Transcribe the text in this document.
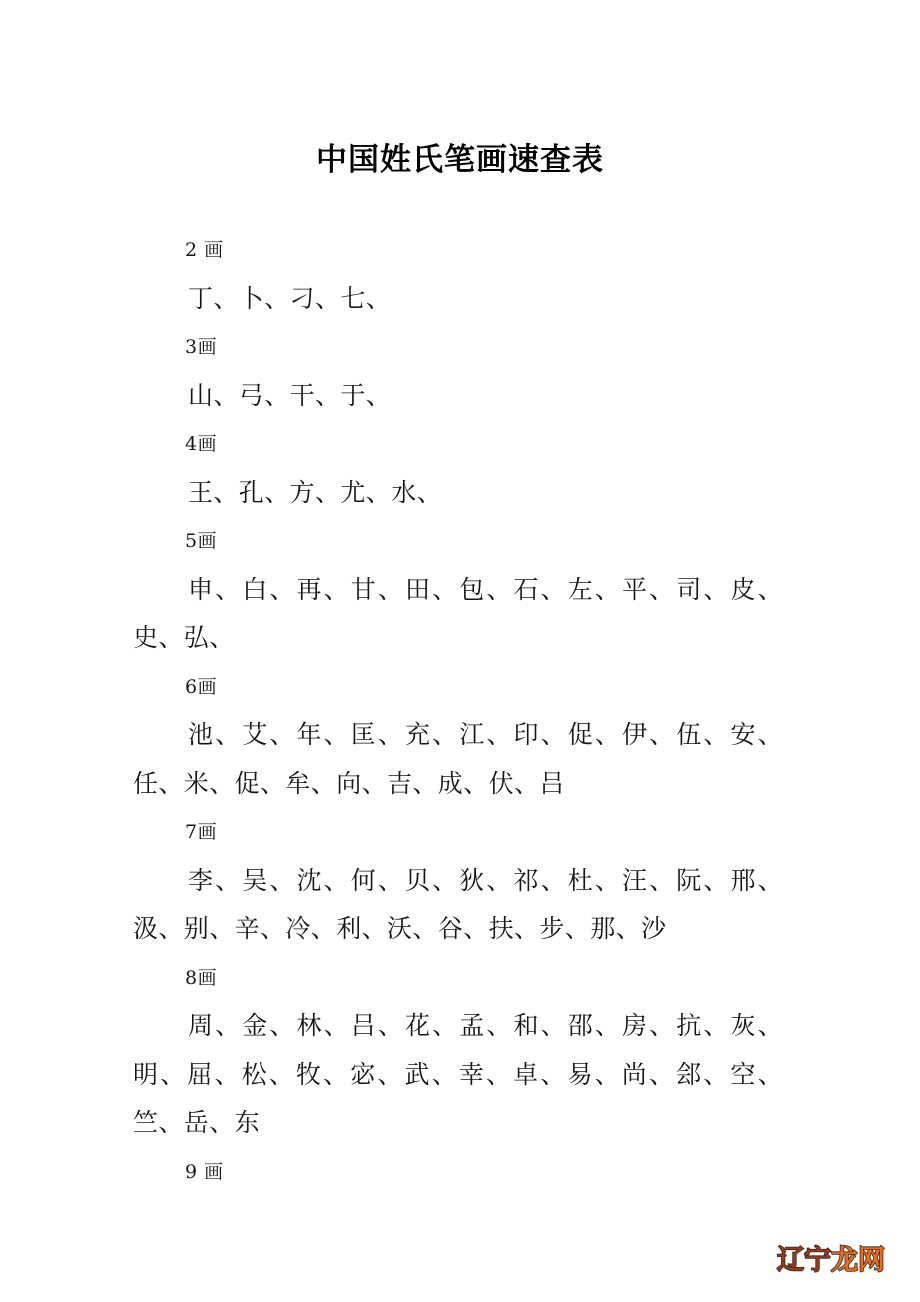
中国姓氏笔画速查表
2 画
丁、卜、刁、七、
3画
山、弓、干、于、
4画
王、孔、方、尤、水、
5画
申、白、再、甘、田、包、石、左、平、司、皮、史、弘、
6画
池、艾、年、匡、充、江、印、促、伊、伍、安、任、米、促、牟、向、吉、成、伏、吕
7画
李、吴、沈、何、贝、狄、祁、杜、汪、阮、邢、汲、别、辛、冷、利、沃、谷、扶、步、那、沙
8画
周、金、林、吕、花、孟、和、邵、房、抗、灰、明、屈、松、牧、宓、武、幸、卓、易、尚、郐、空、竺、岳、东
9 画
辽宁龙网
